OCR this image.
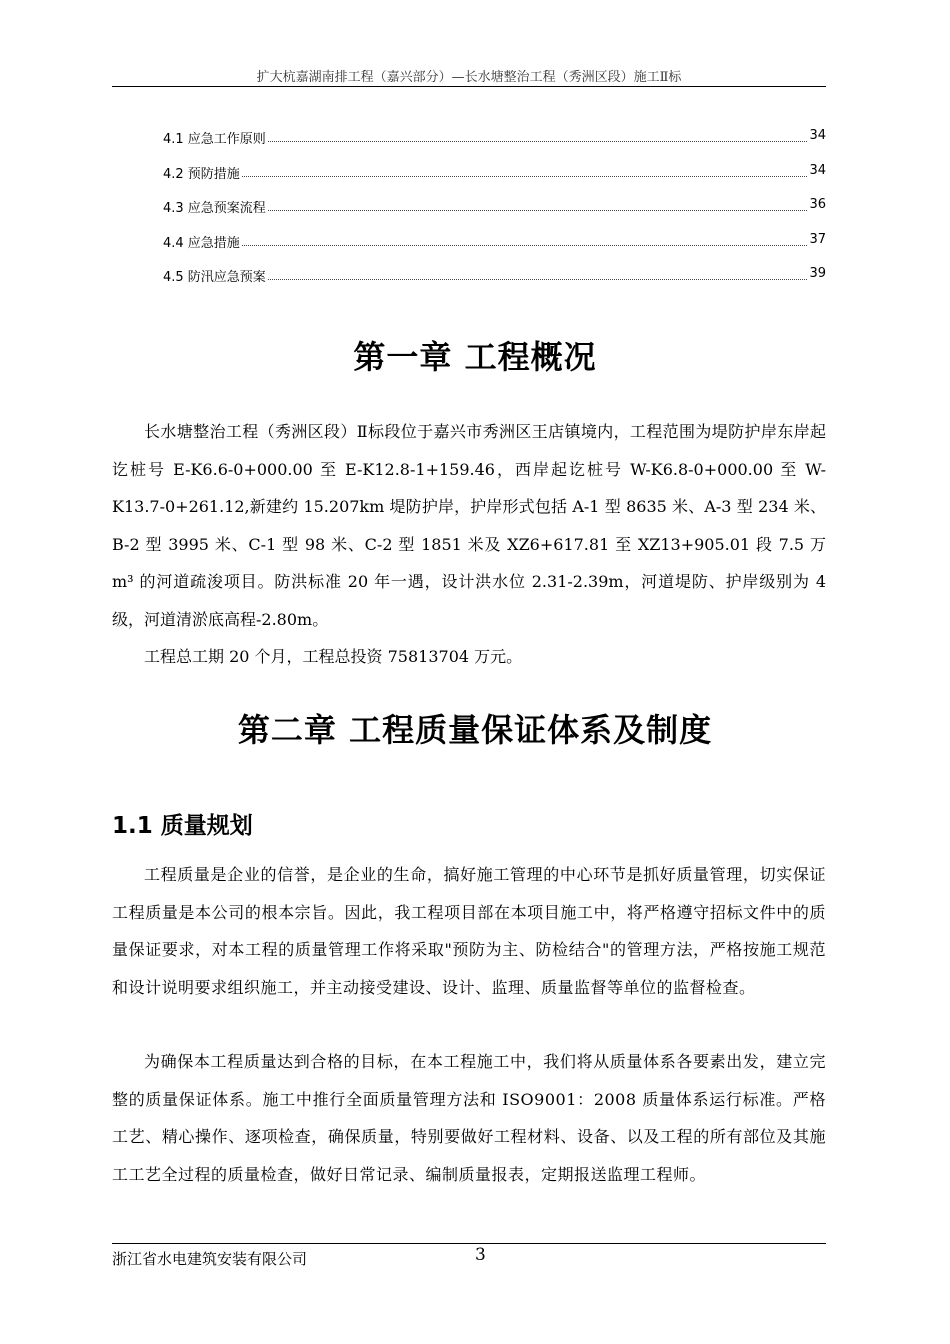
扩大杭嘉湖南排工程（嘉兴部分）—长水塘整治工程（秀洲区段）施工Ⅱ标
4.1 应急工作原则	34
4.2 预防措施	34
4.3 应急预案流程	36
4.4 应急措施	37
4.5 防汛应急预案	39
第一章 工程概况
长水塘整治工程（秀洲区段）Ⅱ标段位于嘉兴市秀洲区王店镇境内，工程范围为堤防护岸东岸起讫桩号 E-K6.6-0+000.00 至 E-K12.8-1+159.46，西岸起讫桩号 W-K6.8-0+000.00 至 W-K13.7-0+261.12,新建约 15.207km 堤防护岸，护岸形式包括 A-1 型 8635 米、A-3 型 234 米、B-2 型 3995 米、C-1 型 98 米、C-2 型 1851 米及 XZ6+617.81 至 XZ13+905.01 段 7.5 万 m³ 的河道疏浚项目。防洪标准 20 年一遇，设计洪水位 2.31-2.39m，河道堤防、护岸级别为 4 级，河道清淤底高程-2.80m。
工程总工期 20 个月，工程总投资 75813704 万元。
第二章 工程质量保证体系及制度
1.1 质量规划
工程质量是企业的信誉，是企业的生命，搞好施工管理的中心环节是抓好质量管理，切实保证工程质量是本公司的根本宗旨。因此，我工程项目部在本项目施工中，将严格遵守招标文件中的质量保证要求，对本工程的质量管理工作将采取"预防为主、防检结合"的管理方法，严格按施工规范和设计说明要求组织施工，并主动接受建设、设计、监理、质量监督等单位的监督检查。
为确保本工程质量达到合格的目标，在本工程施工中，我们将从质量体系各要素出发，建立完整的质量保证体系。施工中推行全面质量管理方法和 ISO9001：2008 质量体系运行标准。严格工艺、精心操作、逐项检查，确保质量，特别要做好工程材料、设备、以及工程的所有部位及其施工工艺全过程的质量检查，做好日常记录、编制质量报表，定期报送监理工程师。
浙江省水电建筑安装有限公司	3
